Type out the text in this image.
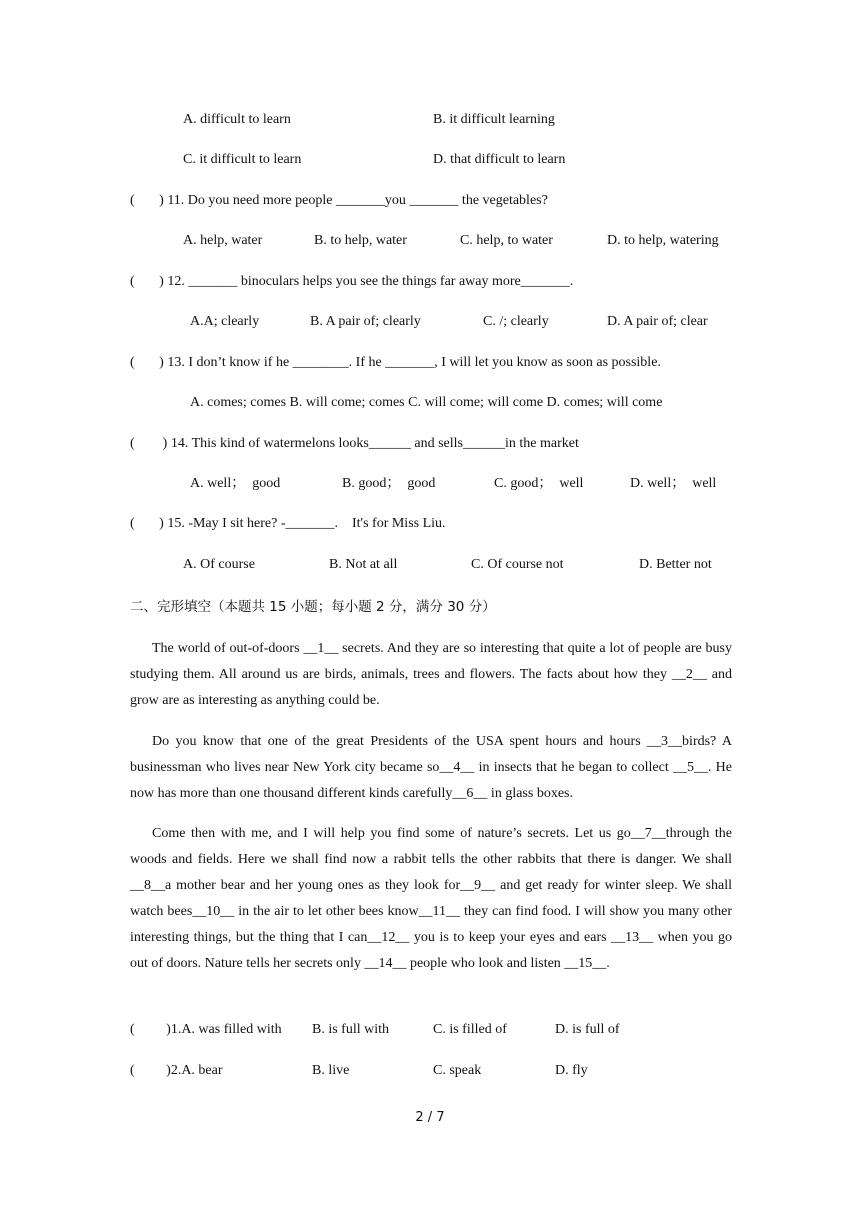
A. difficult to learn	B. it difficult learning
C. it difficult to learn	D. that difficult to learn
(       ) 11. Do you need more people _______you _______ the vegetables?
A. help, water	B. to help, water	C. help, to water	D. to help, watering
(       ) 12. _______ binoculars helps you see the things far away more_______.
A.A; clearly	B. A pair of; clearly	C. /; clearly	D. A pair of; clear
(       ) 13. I don’t know if he ________. If he _______, I will let you know as soon as possible.
A. comes; comes B. will come; comes C. will come; will come D. comes; will come
(        ) 14. This kind of watermelons looks______ and sells______in the market
A. well；  good	B. good；  good	C. good；  well	D. well；  well
(       ) 15. -May I sit here? -_______.    It's for Miss Liu.
A. Of course	B. Not at all	C. Of course not	D. Better not
二、完形填空（本题共 15 小题；每小题 2 分，满分 30 分）
The world of out-of-doors __1__ secrets. And they are so interesting that quite a lot of people are busy studying them. All around us are birds, animals, trees and flowers. The facts about how they __2__ and grow are as interesting as anything could be.
Do you know that one of the great Presidents of the USA spent hours and hours __3__birds? A businessman who lives near New York city became so__4__ in insects that he began to collect __5__. He now has more than one thousand different kinds carefully__6__ in glass boxes.
Come then with me, and I will help you find some of nature’s secrets. Let us go__7__through the woods and fields. Here we shall find now a rabbit tells the other rabbits that there is danger. We shall __8__a mother bear and her young ones as they look for__9__ and get ready for winter sleep. We shall watch bees__10__ in the air to let other bees know__11__ they can find food. I will show you many other interesting things, but the thing that I can__12__ you is to keep your eyes and ears __13__ when you go out of doors. Nature tells her secrets only __14__ people who look and listen __15__.
(         )1.A. was filled with B. is full with	C. is filled of	D. is full of
(         )2.A. bear	B. live	C. speak	D. fly
2 / 7
